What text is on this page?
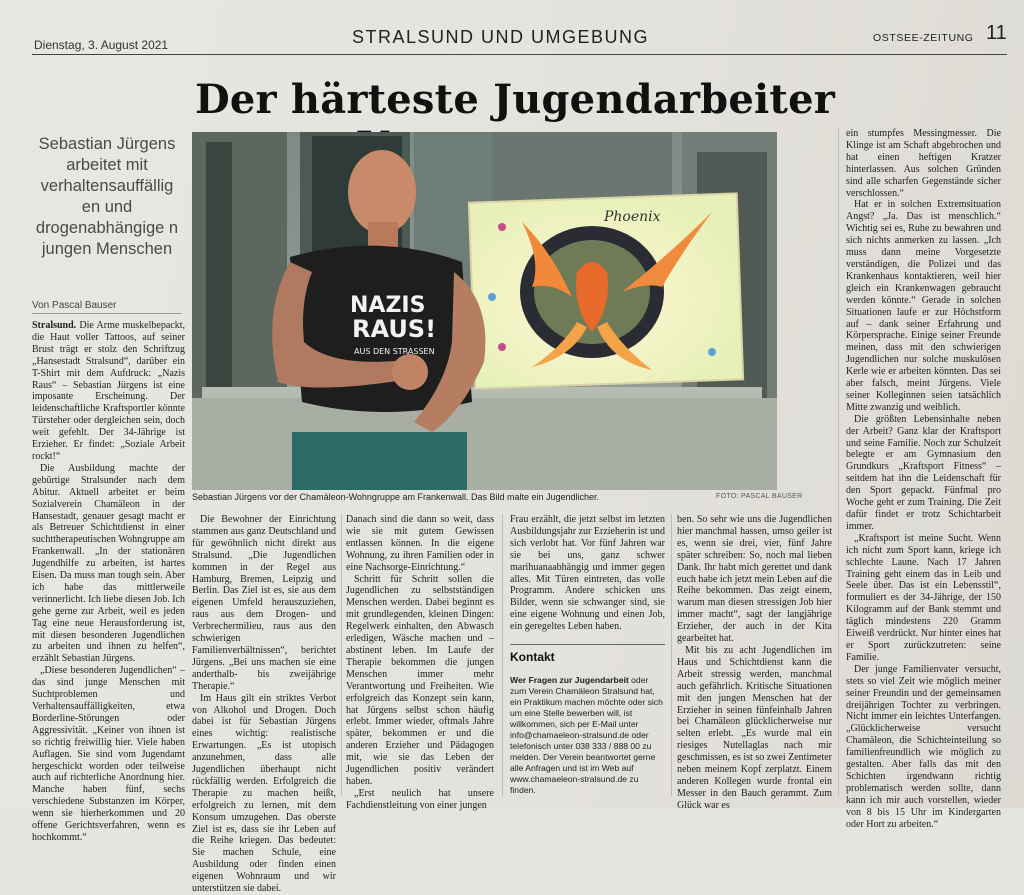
Dienstag, 3. August 2021	STRALSUND UND UMGEBUNG	OSTSEE-ZEITUNG 11
Der härteste Jugendarbeiter
Sebastian Jürgens arbeitet mit verhaltensauffällig en und drogenabhängige n jungen Menschen
Von Pascal Bauser

Stralsund. Die Arme muskelbepackt, die Haut voller Tattoos, auf seiner Brust trägt er stolz den Schriftzug „Hansestadt Stralsund“, darüber ein T-Shirt mit dem Aufdruck: „Nazis Raus“ – Sebastian Jürgens ist eine imposante Erscheinung. Der leidenschaftliche Kraftsportler könnte Türsteher oder dergleichen sein, doch weit gefehlt. Der 34-Jährige ist Erzieher. Er findet: „Soziale Arbeit rockt!“

Die Ausbildung machte der gebürtige Stralsunder nach dem Abitur. Aktuell arbeitet er beim Sozialverein Chamäleon in der Hansestadt, genauer gesagt macht er als Betreuer Schichtdienst in einer suchttherapeutischen Wohngruppe am Frankenwall. „In der stationären Jugendhilfe zu arbeiten, ist hartes Eisen. Da muss man tough sein. Aber ich habe das mittlerweile verinnerlicht. Ich liebe diesen Job. Ich gehe gerne zur Arbeit, weil es jeden Tag eine neue Herausforderung ist, mit diesen besonderen Jugendlichen zu arbeiten und ihnen zu helfen“, erzählt Sebastian Jürgens.

„Diese besonderen Jugendlichen“ – das sind junge Menschen mit Suchtproblemen und Verhaltensauffälligkeiten, etwa Borderline-Störungen oder Aggressivität. „Keiner von ihnen ist so richtig freiwillig hier. Viele haben Auflagen. Sie sind vom Jugendamt hergeschickt worden oder teilweise auch auf richterliche Anordnung hier. Manche haben fünf, sechs verschiedene Substanzen im Körper, wenn sie hierherkommen und 20 offene Gerichtsverfahren, wenn es hochkommt.“

Phoenix
NAZIS
RAUS!
AUS DEN STRASSEN
Sebastian Jürgens vor der Chamäleon-Wohngruppe am Frankenwall. Das Bild malte ein Jugendlicher.	FOTO: PASCAL BAUSER

Die Bewohner der Einrichtung stammen aus ganz Deutschland und für gewöhnlich nicht direkt aus Stralsund. „Die Jugendlichen kommen in der Regel aus Hamburg, Bremen, Leipzig und Berlin. Das Ziel ist es, sie aus dem eigenen Umfeld herauszuziehen, raus aus dem Drogen- und Verbrechermilieu, raus aus den schwierigen Familienverhältnissen“, berichtet Jürgens. „Bei uns machen sie eine anderthalb- bis zweijährige Therapie.“

Im Haus gilt ein striktes Verbot von Alkohol und Drogen. Doch dabei ist für Sebastian Jürgens eines wichtig: realistische Erwartungen. „Es ist utopisch anzunehmen, dass alle Jugendlichen überhaupt nicht rückfällig werden. Erfolgreich die Therapie zu machen heißt, erfolgreich zu lernen, mit dem Konsum umzugehen. Das oberste Ziel ist es, dass sie ihr Leben auf die Reihe kriegen. Das bedeutet: Sie machen Schule, eine Ausbildung oder finden einen eigenen Wohnraum und wir unterstützen sie dabei.

Danach sind die dann so weit, dass wie sie mit gutem Gewissen entlassen können. In die eigene Wohnung, zu ihren Familien oder in eine Nachsorge-Einrichtung.“

Schritt für Schritt sollen die Jugendlichen zu selbstständigen Menschen werden. Dabei beginnt es mit grundlegenden, kleinen Dingen: Regelwerk einhalten, den Abwasch erledigen, Wäsche machen und – abstinent leben. Im Laufe der Therapie bekommen die jungen Menschen immer mehr Verantwortung und Freiheiten. Wie erfolgreich das Konzept sein kann, hat Jürgens selbst schon häufig erlebt. Immer wieder, oftmals Jahre später, bekommen er und die anderen Erzieher und Pädagogen mit, wie sie das Leben der Jugendlichen positiv verändert haben.

„Erst neulich hat unsere Fachdienstleitung von einer jungen

Frau erzählt, die jetzt selbst im letzten Ausbildungsjahr zur Erzieherin ist und sich verlobt hat. Vor fünf Jahren war sie bei uns, ganz schwer marihuanaabhängig und immer gegen alles. Mit Türen eintreten, das volle Programm. Andere schicken uns Bilder, wenn sie schwanger sind, sie eine eigene Wohnung und einen Job, ein geregeltes Leben haben.

Kontakt
Wer Fragen zur Jugendarbeit oder zum Verein Chamäleon Stralsund hat, ein Praktikum machen möchte oder sich um eine Stelle bewerben will, ist willkommen, sich per E-Mail unter info@chamaeleon-stralsund.de oder telefonisch unter 038 333 / 888 00 zu melden. Der Verein beantwortet gerne alle Anfragen und ist im Web auf www.chamaeleon-stralsund.de zu finden.

ben. So sehr wie uns die Jugendlichen hier manchmal hassen, umso geiler ist es, wenn sie drei, vier, fünf Jahre später schreiben: So, noch mal lieben Dank. Ihr habt mich gerettet und dank euch habe ich jetzt mein Leben auf die Reihe bekommen. Das zeigt einem, warum man diesen stressigen Job hier immer macht“, sagt der langjährige Erzieher, der auch in der Kita gearbeitet hat.

Mit bis zu acht Jugendlichen im Haus und Schichtdienst kann die Arbeit stressig werden, manchmal auch gefährlich. Kritische Situationen mit den jungen Menschen hat der Erzieher in seinen fünfeinhalb Jahren bei Chamäleon glücklicherweise nur selten erlebt. „Es wurde mal ein riesiges Nutellaglas nach mir geschmissen, es ist so zwei Zentimeter neben meinem Kopf zerplatzt. Einem anderen Kollegen wurde frontal ein Messer in den Bauch gerammt. Zum Glück war es

ein stumpfes Messingmesser. Die Klinge ist am Schaft abgebrochen und hat einen heftigen Kratzer hinterlassen. Aus solchen Gründen sind alle scharfen Gegenstände sicher verschlossen.“

Hat er in solchen Extremsituation Angst? „Ja. Das ist menschlich.“ Wichtig sei es, Ruhe zu bewahren und sich nichts anmerken zu lassen. „Ich muss dann meine Vorgesetzte verständigen, die Polizei und das Krankenhaus kontaktieren, weil hier gleich ein Krankenwagen gebraucht werden könnte.“ Gerade in solchen Situationen laufe er zur Höchstform auf – dank seiner Erfahrung und Körpersprache. Einige seiner Freunde meinen, dass mit den schwierigen Jugendlichen nur solche muskulösen Kerle wie er arbeiten könnten. Das sei aber falsch, meint Jürgens. Viele seiner Kolleginnen seien tatsächlich Mitte zwanzig und weiblich.

Die größten Lebensinhalte neben der Arbeit? Ganz klar der Kraftsport und seine Familie. Noch zur Schulzeit belegte er am Gymnasium den Grundkurs „Kraftsport Fitness“ – seitdem hat ihn die Leidenschaft für den Sport gepackt. Fünfmal pro Woche geht er zum Training. Die Zeit dafür findet er trotz Schichtarbeit immer.

„Kraftsport ist meine Sucht. Wenn ich nicht zum Sport kann, kriege ich schlechte Laune. Nach 17 Jahren Training geht einem das in Leib und Seele über. Das ist ein Lebensstil“, formuliert es der 34-Jährige, der 150 Kilogramm auf der Bank stemmt und täglich mindestens 220 Gramm Eiweiß verdrückt. Nur hinter eines hat er Sport zurückzutreten: seine Familie.

Der junge Familienvater versucht, stets so viel Zeit wie möglich meiner seiner Freundin und der gemeinsamen dreijährigen Tochter zu verbringen. Nicht immer ein leichtes Unterfangen. „Glücklicherweise versucht Chamäleon, die Schichteinteilung so familienfreundlich wie möglich zu gestalten. Aber falls das mit den Schichten irgendwann richtig problematisch werden sollte, dann kann ich mir auch vorstellen, wieder von 8 bis 15 Uhr im Kindergarten oder Hort zu arbeiten.“
